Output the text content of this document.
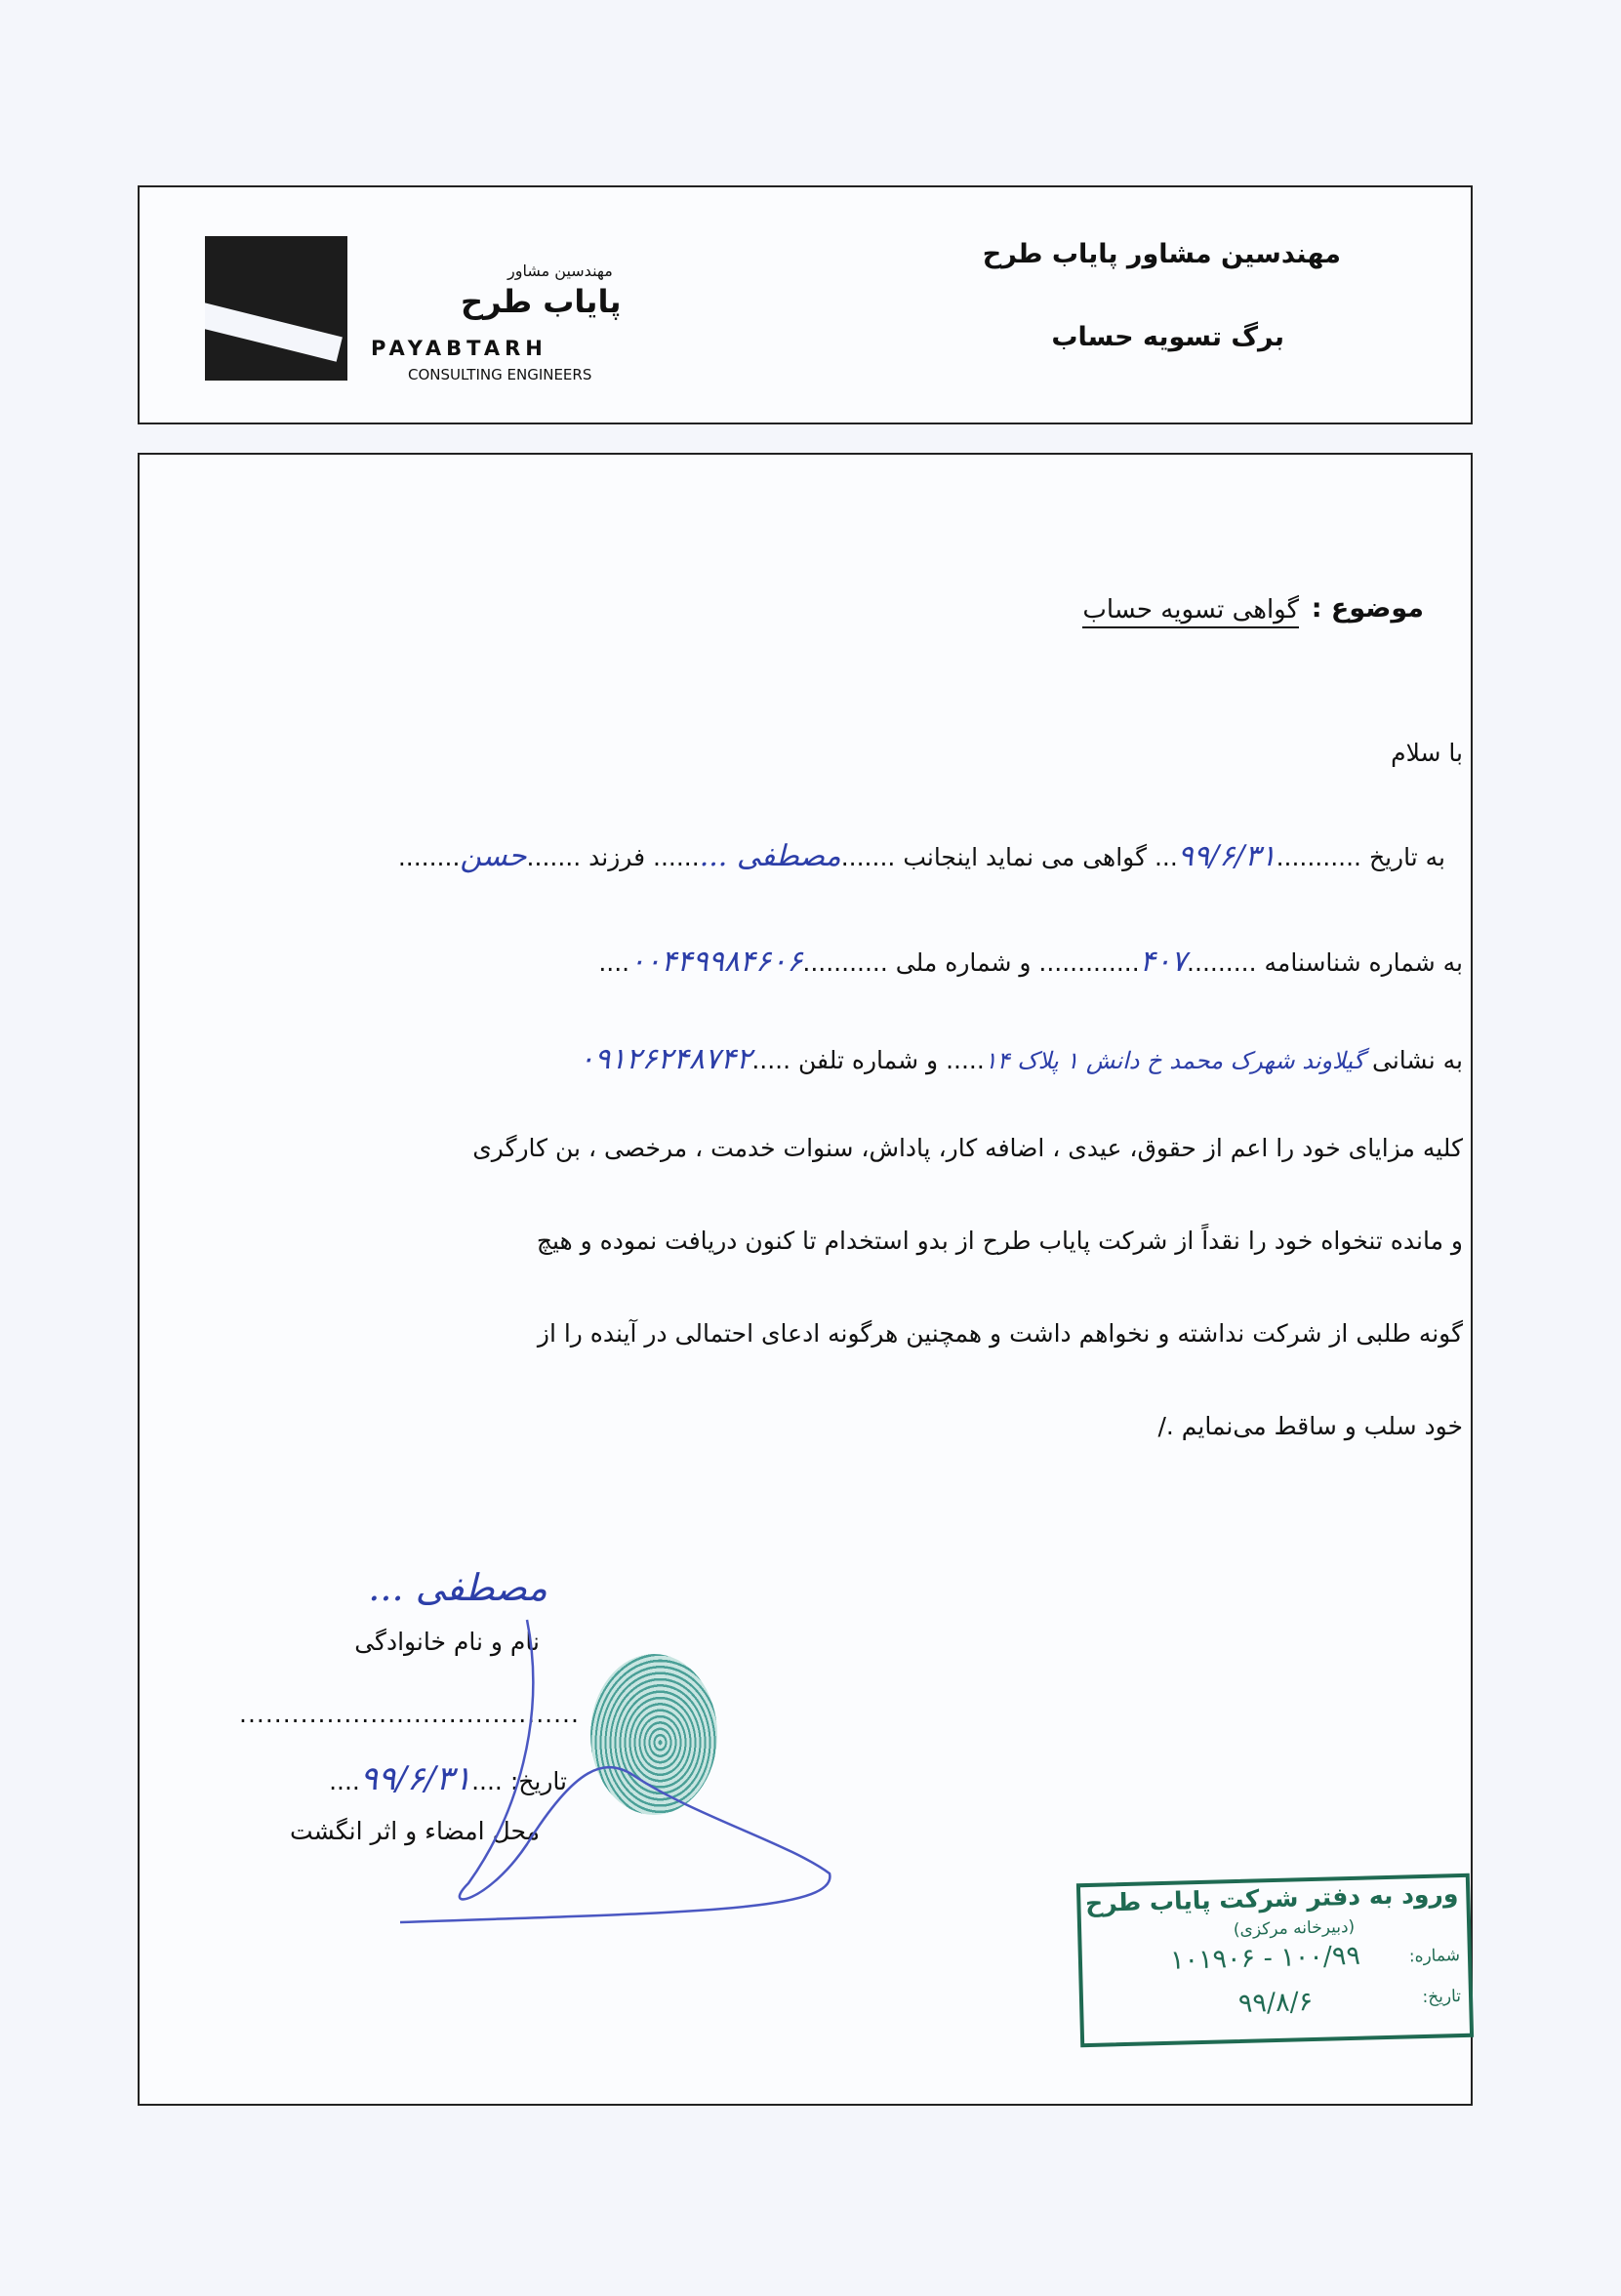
مهندسین مشاور
پایاب طرح
PAYABTARH
CONSULTING ENGINEERS
مهندسین مشاور پایاب طرح
برگ تسویه حساب
موضوع :
گواهی تسویه حساب
با سلام
به تاریخ ...........۹۹/۶/۳۱... گواهی می نماید اینجانب .......مصطفی ......... فرزند .......حسن........
به شماره شناسنامه .........۴۰۷............. و شماره ملی ...........۰۰۴۴۹۹۸۴۶۰۶....
به نشانی گیلاوند شهرک محمد خ دانش ۱ پلاک ۱۴..... و شماره تلفن .....۰۹۱۲۶۲۴۸۷۴۲
کلیه مزایای خود را اعم از حقوق، عیدی ، اضافه کار، پاداش، سنوات خدمت ، مرخصی ، بن کارگری
و مانده تنخواه خود را نقداً از شرکت پایاب طرح از بدو استخدام تا کنون دریافت نموده و هیچ
گونه طلبی از شرکت نداشته و نخواهم داشت و همچنین هرگونه ادعای احتمالی در آینده را از
خود سلب و ساقط می‌نمایم ./
مصطفی ...
نام و نام خانوادگی
.......................................
تاریخ: ....۹۹/۶/۳۱....
محل امضاء و اثر انگشت
ورود به دفتر شرکت پایاب طرح
(دبیرخانه مرکزی)
شماره:
۱۰۰/۹۹ - ۱۰۱۹۰۶
تاریخ:
۹۹/۸/۶
